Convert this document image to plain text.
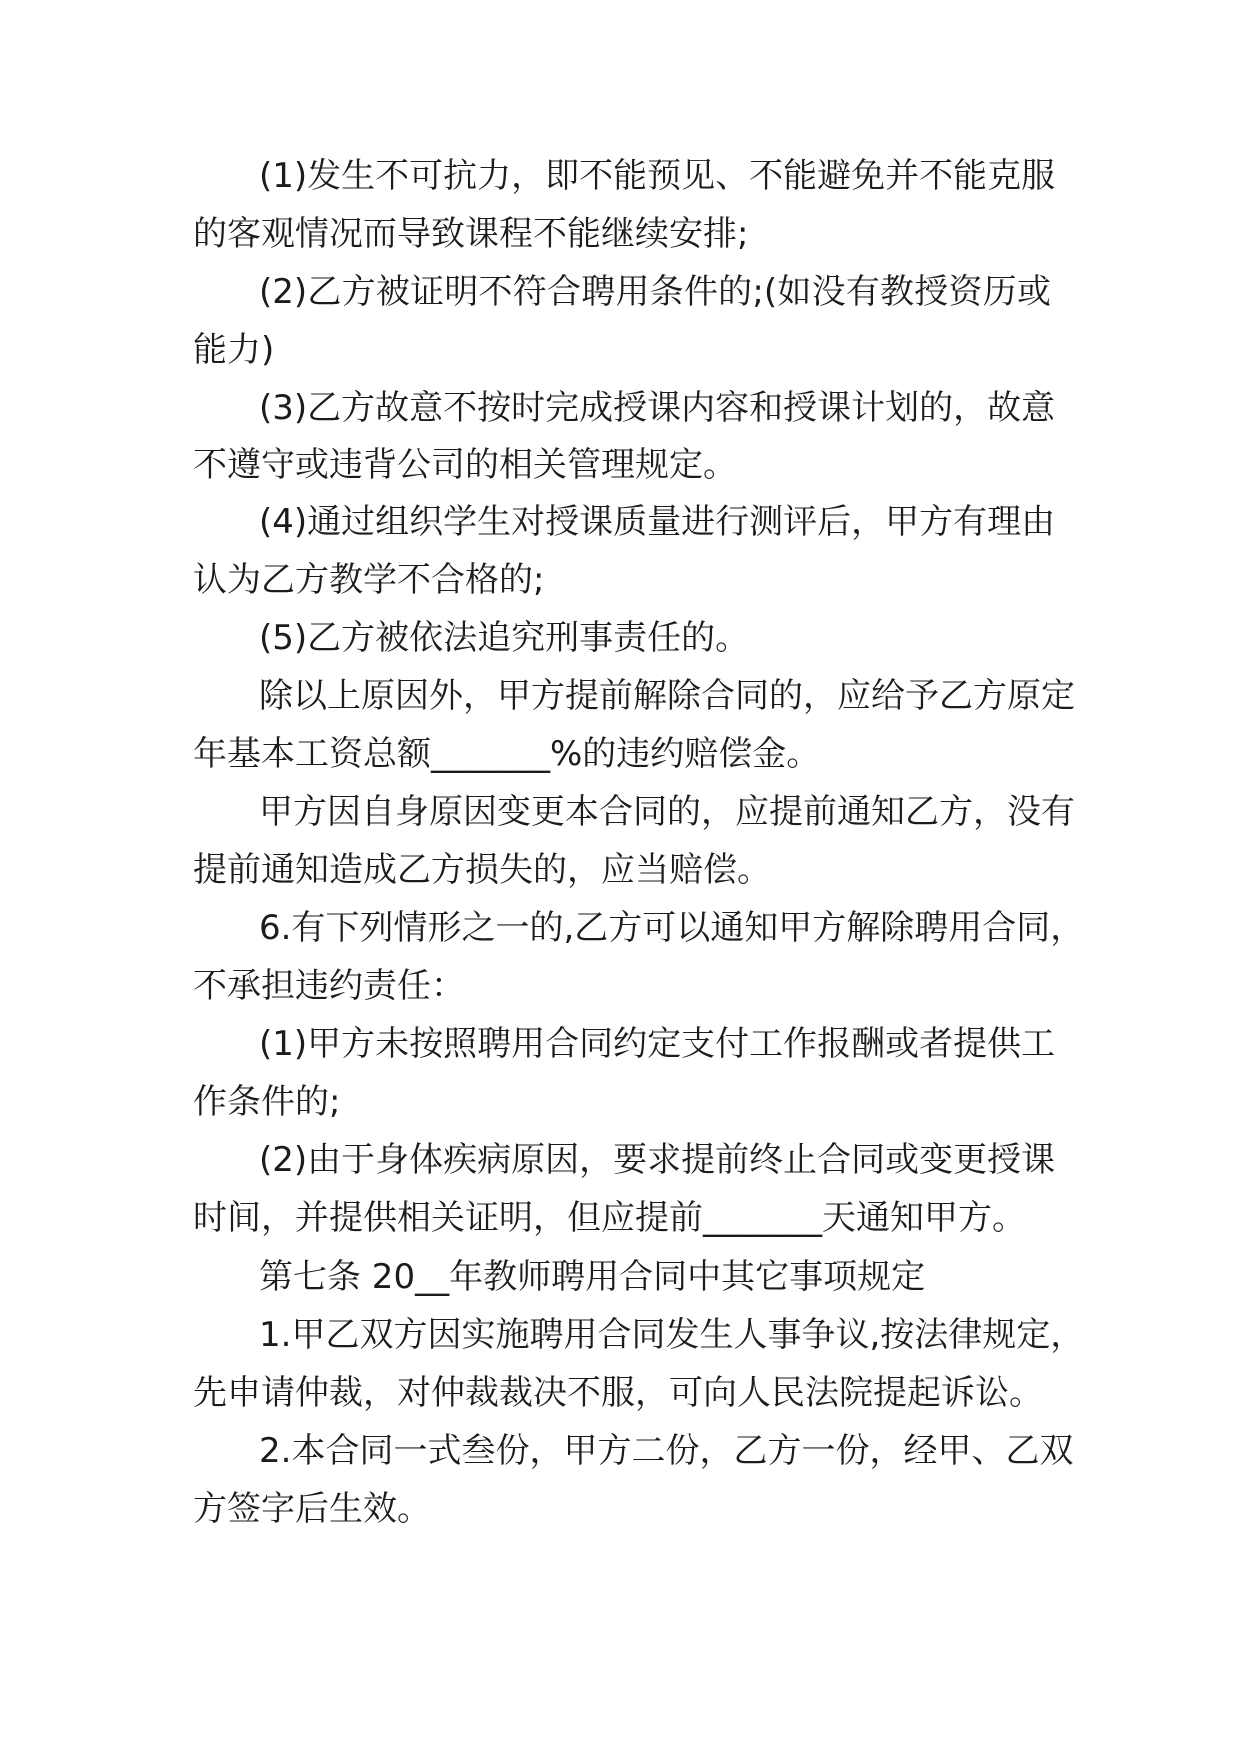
(1)发生不可抗力，即不能预见、不能避免并不能克服

的客观情况而导致课程不能继续安排;

(2)乙方被证明不符合聘用条件的;(如没有教授资历或

能力)

(3)乙方故意不按时完成授课内容和授课计划的，故意

不遵守或违背公司的相关管理规定。

(4)通过组织学生对授课质量进行测评后，甲方有理由

认为乙方教学不合格的;

(5)乙方被依法追究刑事责任的。

除以上原因外，甲方提前解除合同的，应给予乙方原定

年基本工资总额_______%的违约赔偿金。

甲方因自身原因变更本合同的，应提前通知乙方，没有

提前通知造成乙方损失的，应当赔偿。

6.有下列情形之一的,乙方可以通知甲方解除聘用合同，

不承担违约责任：

(1)甲方未按照聘用合同约定支付工作报酬或者提供工

作条件的;

(2)由于身体疾病原因，要求提前终止合同或变更授课

时间，并提供相关证明，但应提前_______天通知甲方。

第七条 20__年教师聘用合同中其它事项规定

1.甲乙双方因实施聘用合同发生人事争议,按法律规定，

先申请仲裁，对仲裁裁决不服，可向人民法院提起诉讼。

2.本合同一式叁份，甲方二份，乙方一份，经甲、乙双

方签字后生效。
